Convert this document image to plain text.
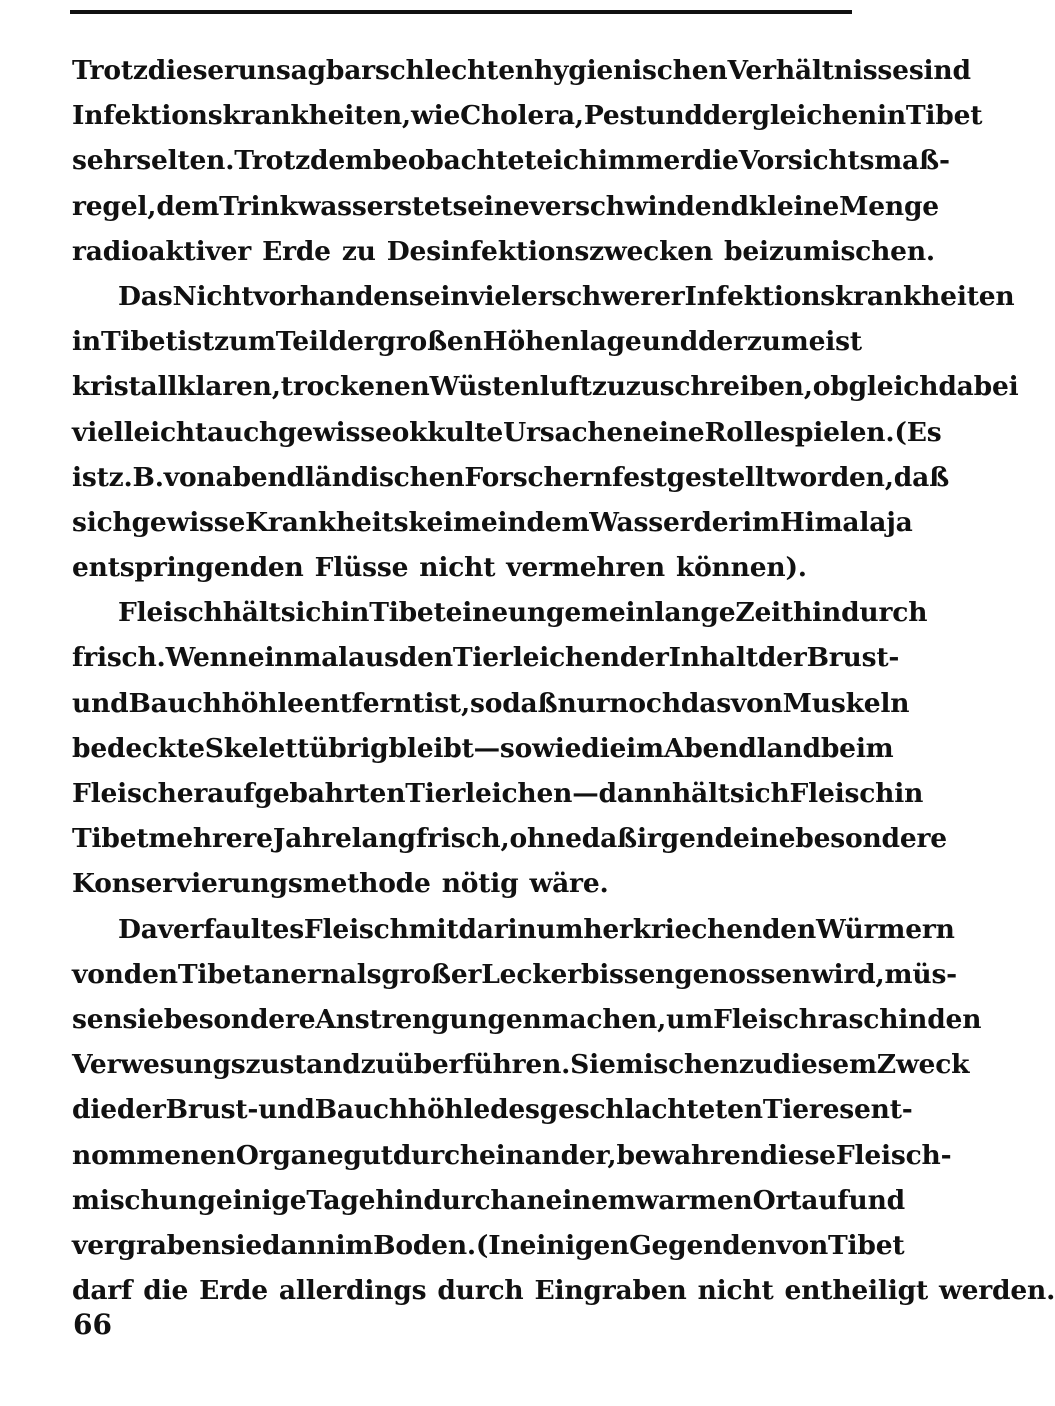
Trotz dieser unsagbar schlechten hygienischen Verhältnisse sind
Infektionskrankheiten, wie Cholera, Pest und dergleichen in Tibet
sehr selten. Trotzdem beobachtete ich immer die Vorsichtsmaß-
regel, dem Trinkwasser stets eine verschwindend kleine Menge
radioaktiver Erde zu Desinfektionszwecken beizumischen.
Das Nichtvorhandensein vieler schwerer Infektionskrankheiten
in Tibet ist zum Teil der großen Höhenlage und der zumeist
kristallklaren, trockenen Wüstenluft zuzuschreiben, obgleich dabei
vielleicht auch gewisse okkulte Ursachen eine Rolle spielen. (Es
ist z. B. von abendländischen Forschern festgestellt worden, daß
sich gewisse Krankheitskeime in dem Wasser der im Himalaja
entspringenden Flüsse nicht vermehren können).
Fleisch hält sich in Tibet eine ungemein lange Zeit hindurch
frisch. Wenn einmal aus den Tierleichen der Inhalt der Brust-
und Bauchhöhle entfernt ist, so daß nur noch das von Muskeln
bedeckte Skelett übrigbleibt — so wie die im Abendland beim
Fleischer aufgebahrten Tierleichen — dann hält sich Fleisch in
Tibet mehrere Jahre lang frisch, ohne daß irgendeine besondere
Konservierungsmethode nötig wäre.
Da verfaultes Fleisch mit darin umherkriechenden Würmern
von den Tibetanern als großer Leckerbissen genossen wird, müs-
sen sie besondere Anstrengungen machen, um Fleisch rasch in den
Verwesungszustand zu überführen. Sie mischen zu diesem Zweck
die der Brust- und Bauchhöhle des geschlachteten Tieres ent-
nommenen Organe gut durcheinander, bewahren diese Fleisch-
mischung einige Tage hindurch an einem warmen Ort auf und
vergraben sie dann im Boden. (In einigen Gegenden von Tibet
darf die Erde allerdings durch Eingraben nicht entheiligt werden.
66
